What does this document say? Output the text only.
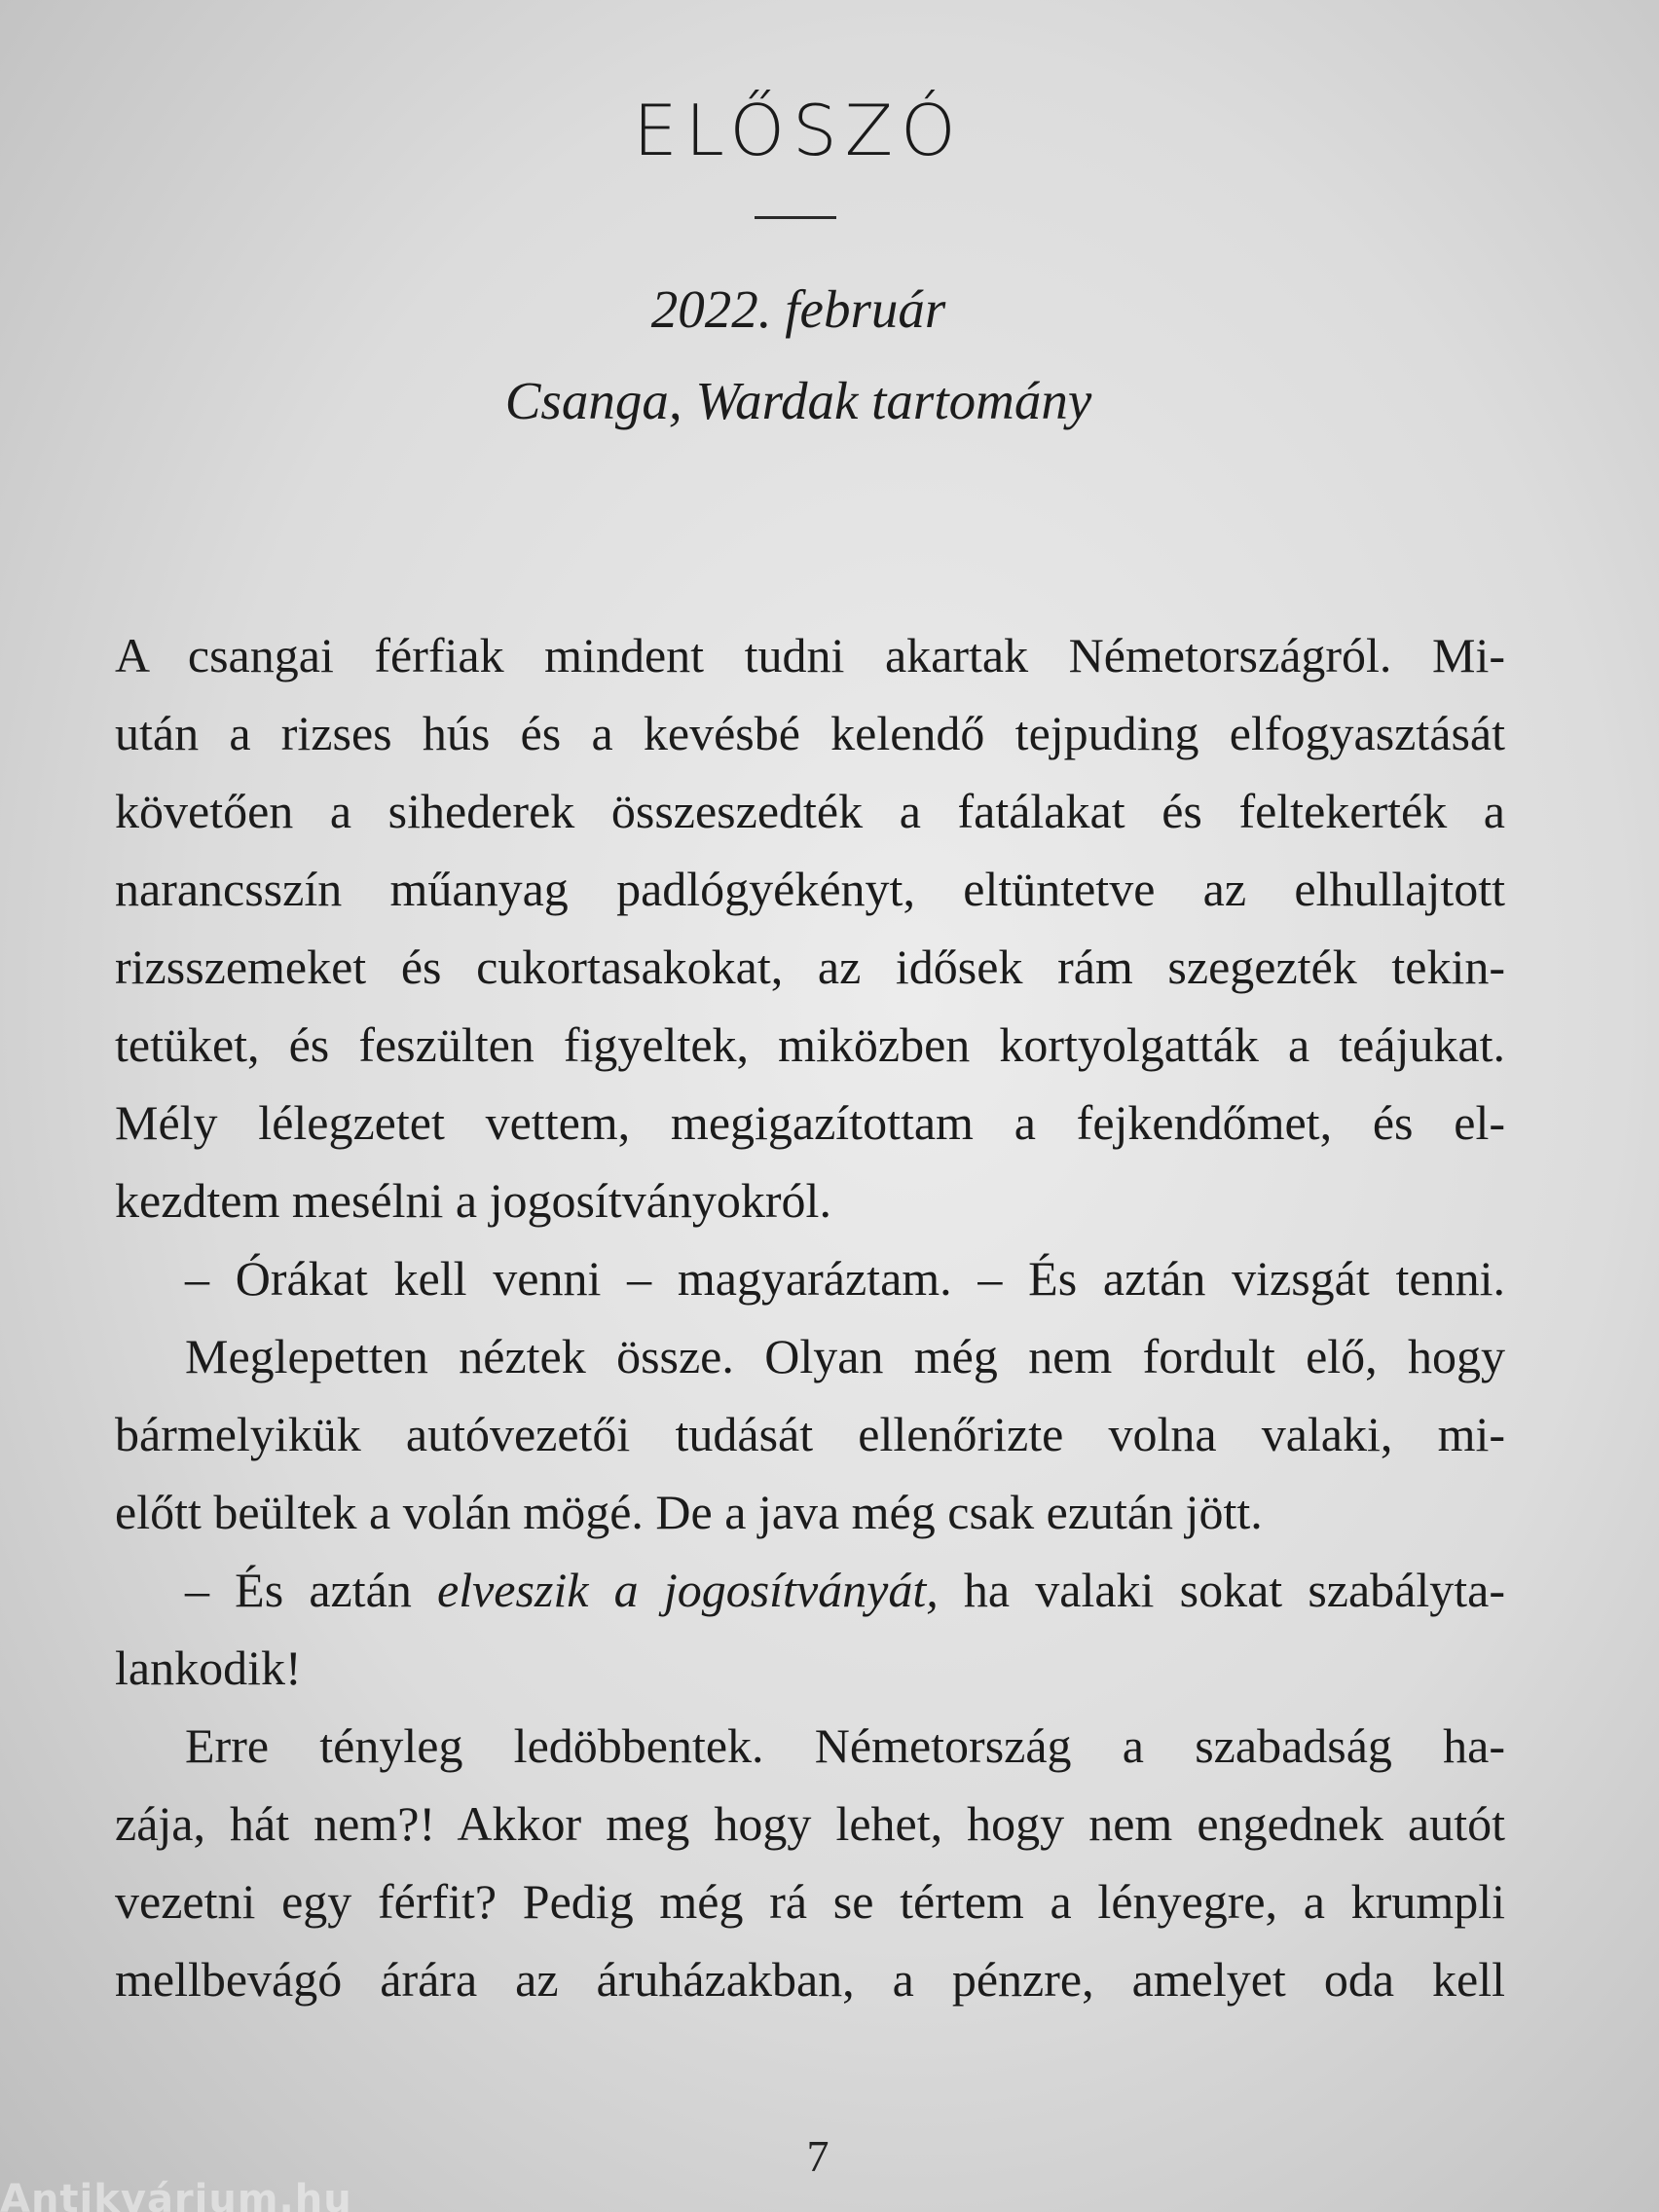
ELŐSZÓ
2022. február
Csanga, Wardak tartomány
A csangai férfiak mindent tudni akartak Németországról. Mi-
után a rizses hús és a kevésbé kelendő tejpuding elfogyasztását
követően a sihederek összeszedték a fatálakat és feltekerték a
narancsszín műanyag padlógyékényt, eltüntetve az elhullajtott
rizsszemeket és cukortasakokat, az idősek rám szegezték tekin-
tetüket, és feszülten figyeltek, miközben kortyolgatták a teájukat.
Mély lélegzetet vettem, megigazítottam a fejkendőmet, és el-
kezdtem mesélni a jogosítványokról.
– Órákat kell venni – magyaráztam. – És aztán vizsgát tenni.
Meglepetten néztek össze. Olyan még nem fordult elő, hogy
bármelyikük autóvezetői tudását ellenőrizte volna valaki, mi-
előtt beültek a volán mögé. De a java még csak ezután jött.
– És aztán elveszik a jogosítványát, ha valaki sokat szabályta-
lankodik!
Erre tényleg ledöbbentek. Németország a szabadság ha-
zája, hát nem?! Akkor meg hogy lehet, hogy nem engednek autót
vezetni egy férfit? Pedig még rá se tértem a lényegre, a krumpli
mellbevágó árára az áruházakban, a pénzre, amelyet oda kell
7
Antikvárium.hu
